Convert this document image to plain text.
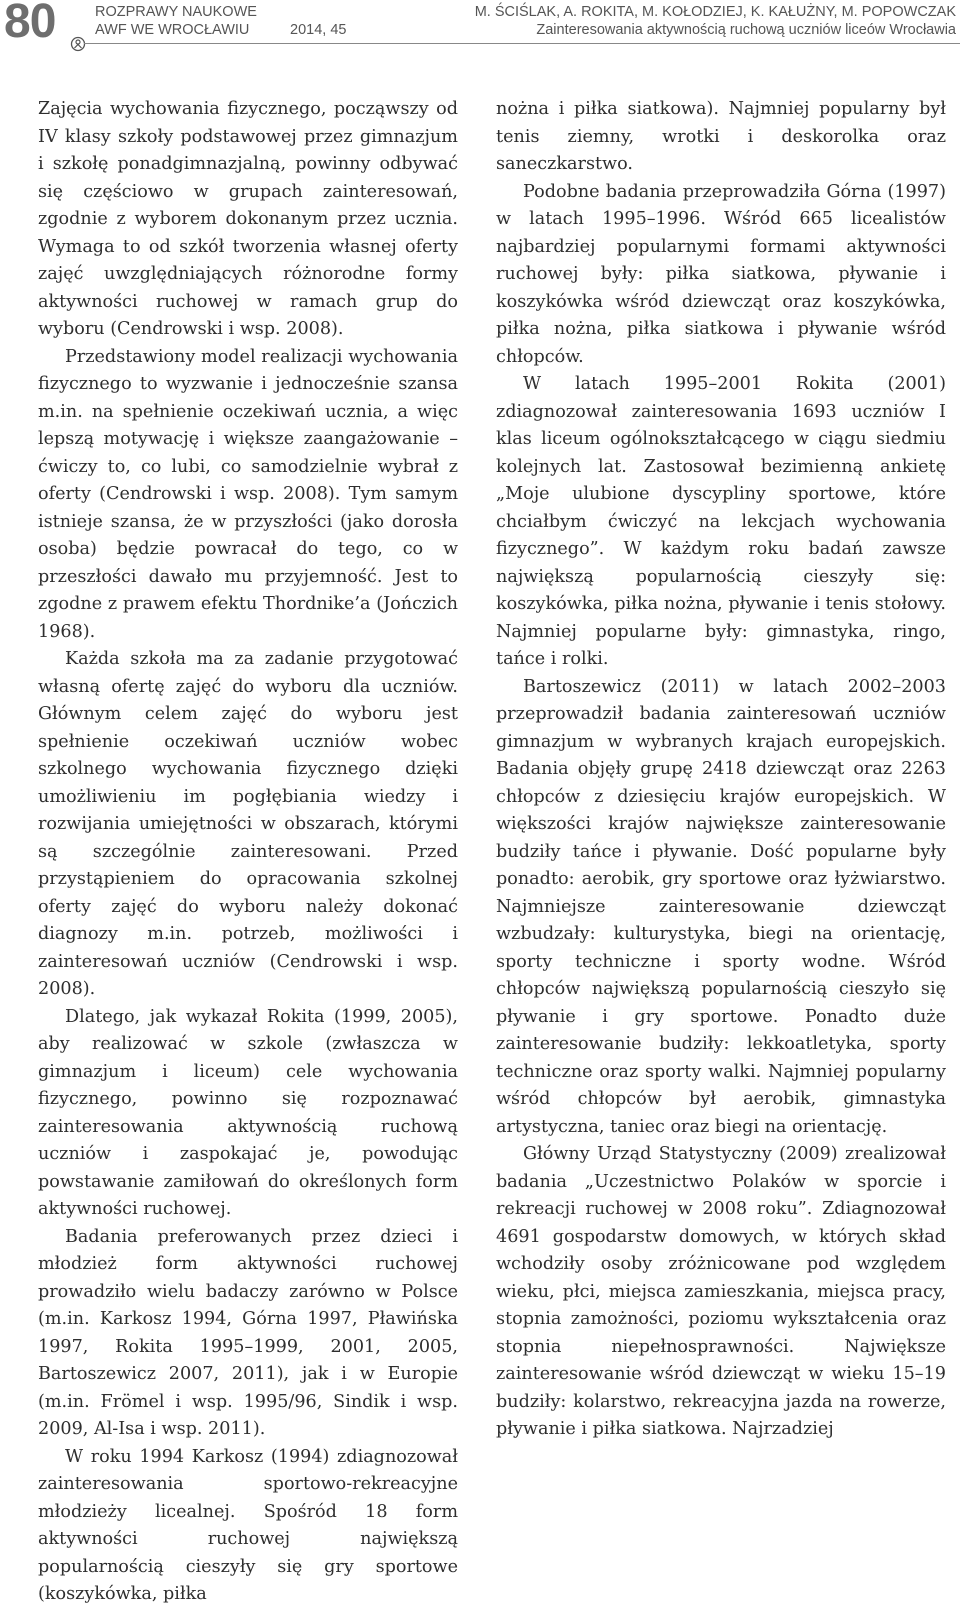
80	ROZPRAWY NAUKOWE
AWF WE WROCŁAWIU	2014, 45
M. ŚCIŚLAK, A. ROKITA, M. KOŁODZIEJ, K. KAŁUŻNY, M. POPOWCZAK
Zainteresowania aktywnością ruchową uczniów liceów Wrocławia

Zajęcia wychowania fizycznego, począwszy od IV klasy szkoły podstawowej przez gimnazjum i szkołę ponadgimnazjalną, powinny odbywać się częściowo w grupach zainteresowań, zgodnie z wyborem dokonanym przez ucznia. Wymaga to od szkół tworzenia własnej oferty zajęć uwzględniających różnorodne formy aktywności ruchowej w ramach grup do wyboru (Cendrowski i wsp. 2008).

Przedstawiony model realizacji wychowania fizycznego to wyzwanie i jednocześnie szansa m.in. na spełnienie oczekiwań ucznia, a więc lepszą motywację i większe zaangażowanie – ćwiczy to, co lubi, co samodzielnie wybrał z oferty (Cendrowski i wsp. 2008). Tym samym istnieje szansa, że w przyszłości (jako dorosła osoba) będzie powracał do tego, co w przeszłości dawało mu przyjemność. Jest to zgodne z prawem efektu Thordnike’a (Jończich 1968).

Każda szkoła ma za zadanie przygotować własną ofertę zajęć do wyboru dla uczniów. Głównym celem zajęć do wyboru jest spełnienie oczekiwań uczniów wobec szkolnego wychowania fizycznego dzięki umożliwieniu im pogłębiania wiedzy i rozwijania umiejętności w obszarach, którymi są szczególnie zainteresowani. Przed przystąpieniem do opracowania szkolnej oferty zajęć do wyboru należy dokonać diagnozy m.in. potrzeb, możliwości i zainteresowań uczniów (Cendrowski i wsp. 2008).

Dlatego, jak wykazał Rokita (1999, 2005), aby realizować w szkole (zwłaszcza w gimnazjum i liceum) cele wychowania fizycznego, powinno się rozpoznawać zainteresowania aktywnością ruchową uczniów i zaspokajać je, powodując powstawanie zamiłowań do określonych form aktywności ruchowej.

Badania preferowanych przez dzieci i młodzież form aktywności ruchowej prowadziło wielu badaczy zarówno w Polsce (m.in. Karkosz 1994, Górna 1997, Pławińska 1997, Rokita 1995–1999, 2001, 2005, Bartoszewicz 2007, 2011), jak i w Europie (m.in. Frömel i wsp. 1995/96, Sindik i wsp. 2009, Al-Isa i wsp. 2011).

W roku 1994 Karkosz (1994) zdiagnozował zainteresowania sportowo-rekreacyjne młodzieży licealnej. Spośród 18 form aktywności ruchowej największą popularnością cieszyły się gry sportowe (koszykówka, piłka

nożna i piłka siatkowa). Najmniej popularny był tenis ziemny, wrotki i deskorolka oraz saneczkarstwo.

Podobne badania przeprowadziła Górna (1997) w latach 1995–1996. Wśród 665 licealistów najbardziej popularnymi formami aktywności ruchowej były: piłka siatkowa, pływanie i koszykówka wśród dziewcząt oraz koszykówka, piłka nożna, piłka siatkowa i pływanie wśród chłopców.

W latach 1995–2001 Rokita (2001) zdiagnozował zainteresowania 1693 uczniów I klas liceum ogólnokształcącego w ciągu siedmiu kolejnych lat. Zastosował bezimienną ankietę „Moje ulubione dyscypliny sportowe, które chciałbym ćwiczyć na lekcjach wychowania fizycznego”. W każdym roku badań zawsze największą popularnością cieszyły się: koszykówka, piłka nożna, pływanie i tenis stołowy. Najmniej popularne były: gimnastyka, ringo, tańce i rolki.

Bartoszewicz (2011) w latach 2002–2003 przeprowadził badania zainteresowań uczniów gimnazjum w wybranych krajach europejskich. Badania objęły grupę 2418 dziewcząt oraz 2263 chłopców z dziesięciu krajów europejskich. W większości krajów największe zainteresowanie budziły tańce i pływanie. Dość popularne były ponadto: aerobik, gry sportowe oraz łyżwiarstwo. Najmniejsze zainteresowanie dziewcząt wzbudzały: kulturystyka, biegi na orientację, sporty techniczne i sporty wodne. Wśród chłopców największą popularnością cieszyło się pływanie i gry sportowe. Ponadto duże zainteresowanie budziły: lekkoatletyka, sporty techniczne oraz sporty walki. Najmniej popularny wśród chłopców był aerobik, gimnastyka artystyczna, taniec oraz biegi na orientację.

Główny Urząd Statystyczny (2009) zrealizował badania „Uczestnictwo Polaków w sporcie i rekreacji ruchowej w 2008 roku”. Zdiagnozował 4691 gospodarstw domowych, w których skład wchodziły osoby zróżnicowane pod względem wieku, płci, miejsca zamieszkania, miejsca pracy, stopnia zamożności, poziomu wykształcenia oraz stopnia niepełnosprawności. Największe zainteresowanie wśród dziewcząt w wieku 15–19 budziły: kolarstwo, rekreacyjna jazda na rowerze, pływanie i piłka siatkowa. Najrzadziej
